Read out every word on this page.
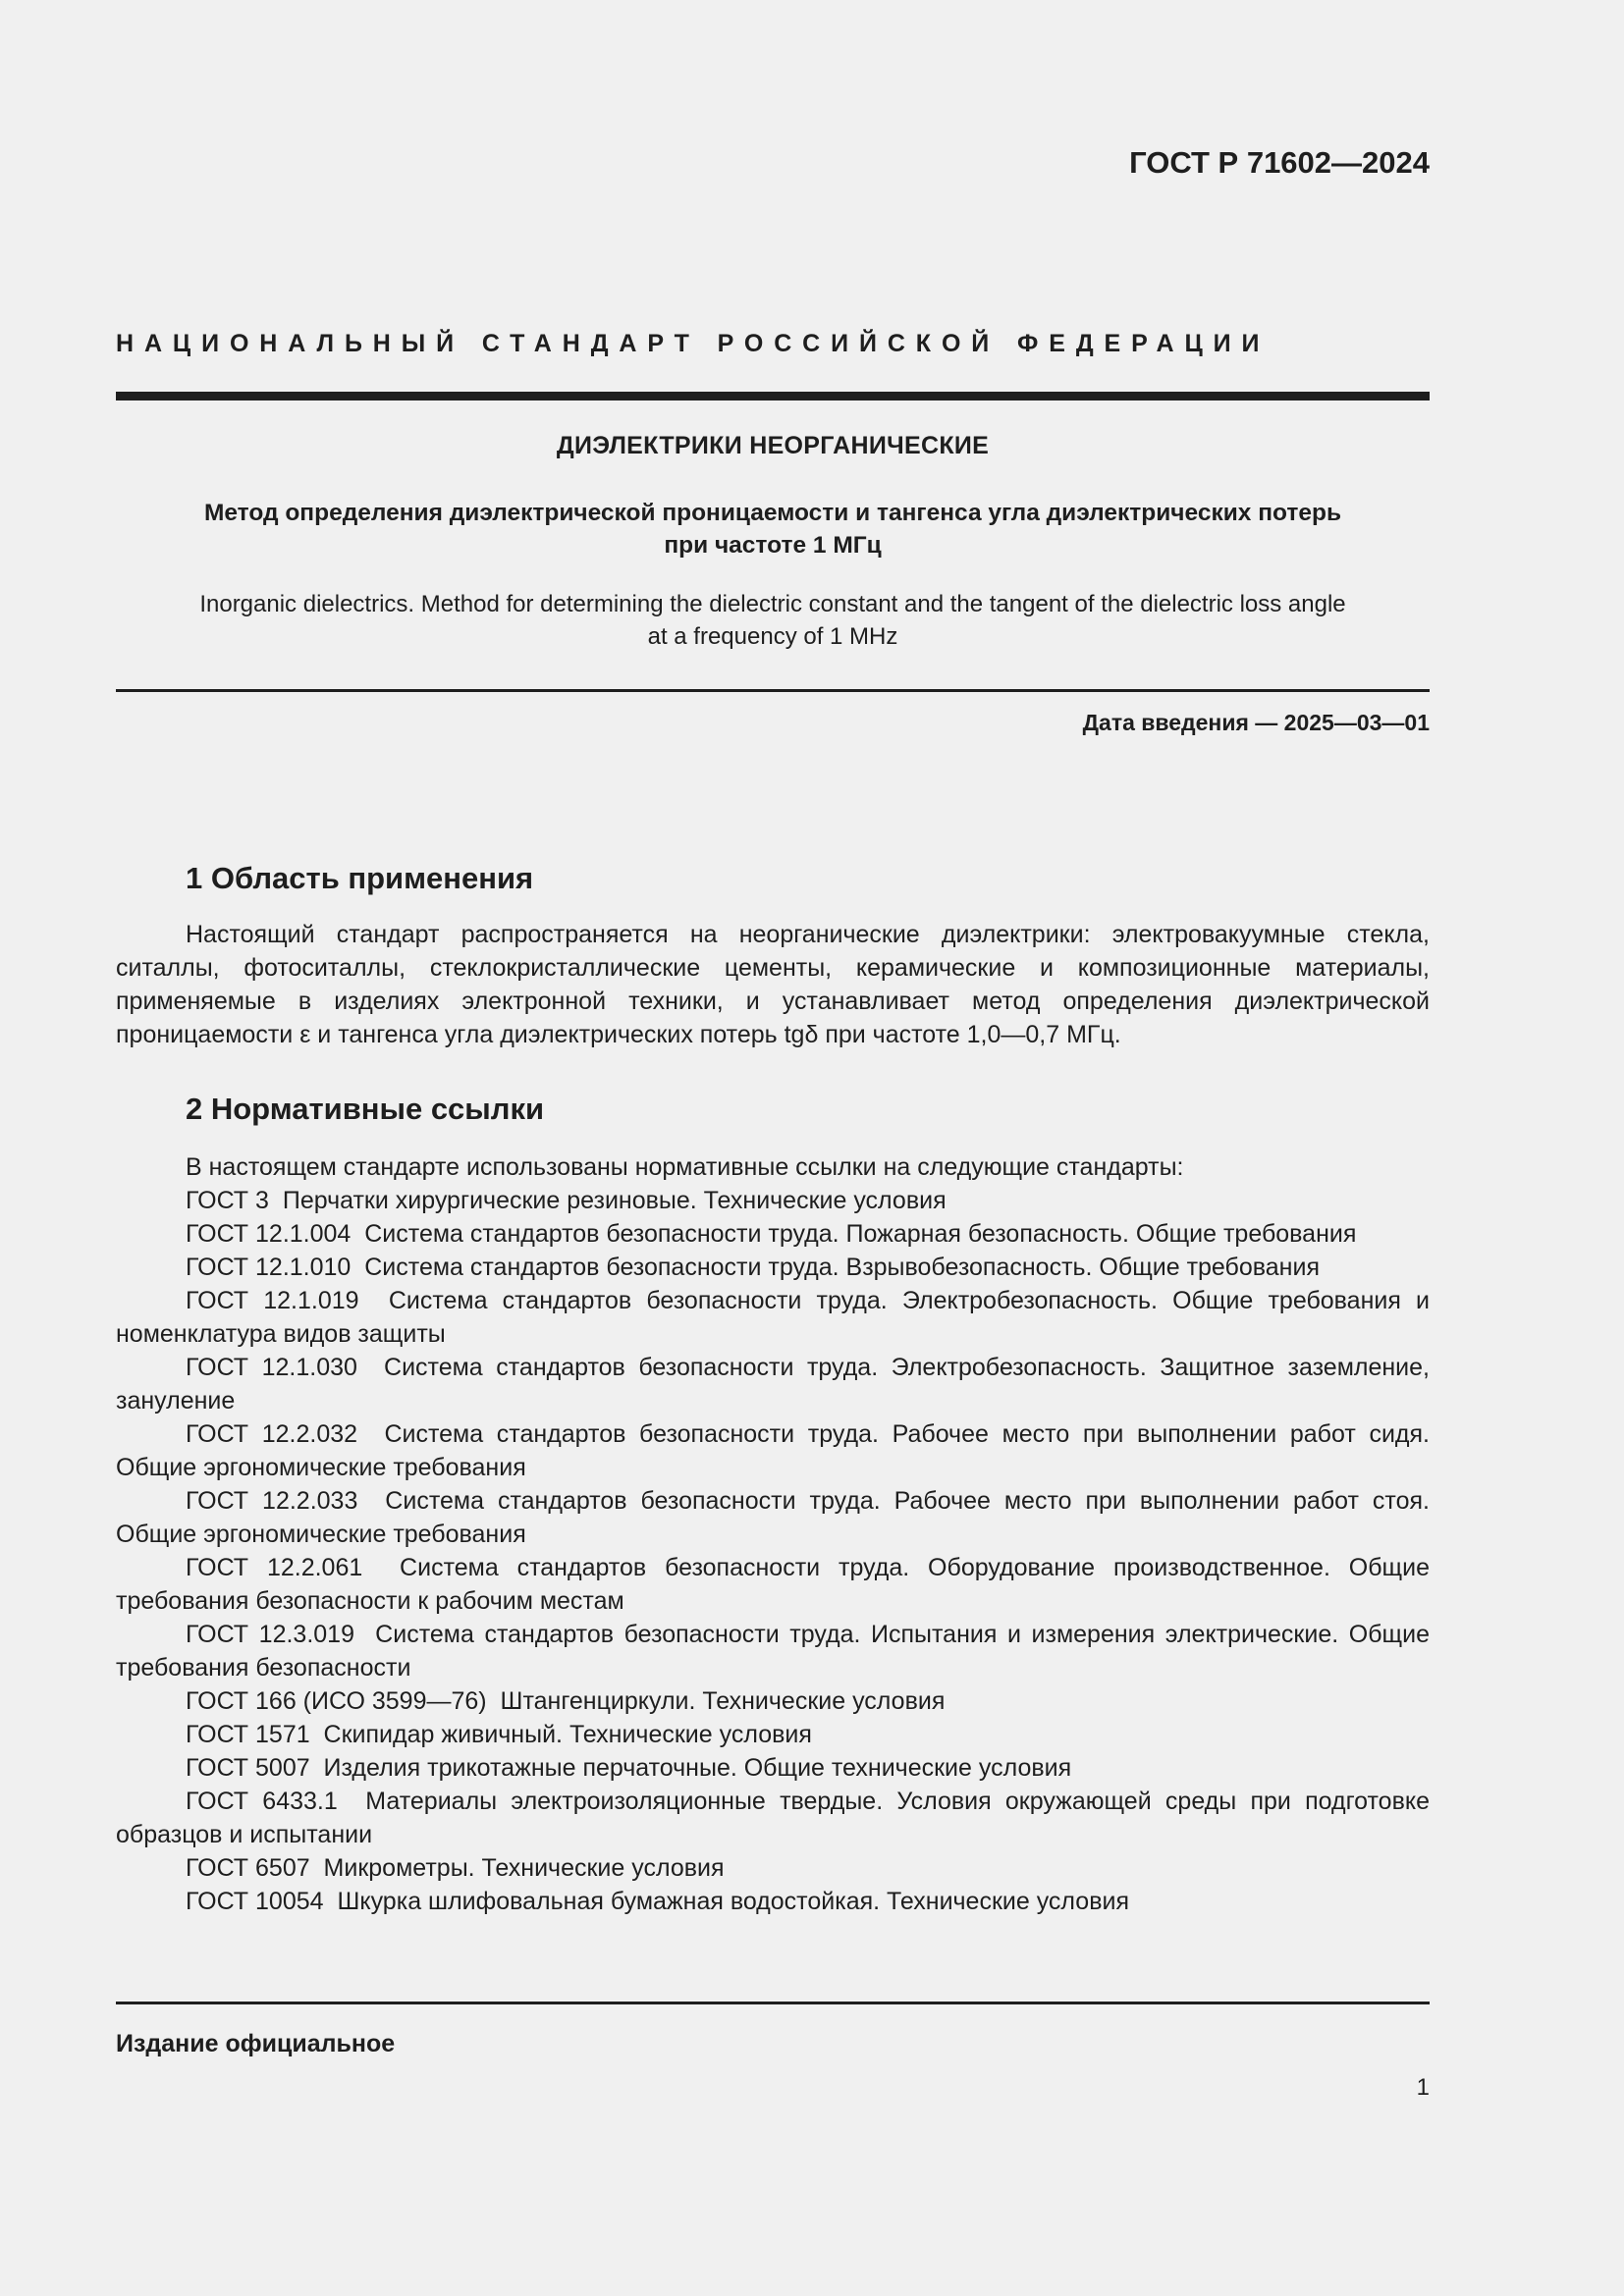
ГОСТ Р 71602—2024
НАЦИОНАЛЬНЫЙ СТАНДАРТ РОССИЙСКОЙ ФЕДЕРАЦИИ
ДИЭЛЕКТРИКИ НЕОРГАНИЧЕСКИЕ
Метод определения диэлектрической проницаемости и тангенса угла диэлектрических потерь
при частоте 1 МГц
Inorganic dielectrics. Method for determining the dielectric constant and the tangent of the dielectric loss angle
at a frequency of 1 MHz
Дата введения — 2025—03—01
1 Область применения

Настоящий стандарт распространяется на неорганические диэлектрики: электровакуумные стекла, ситаллы, фотоситаллы, стеклокристаллические цементы, керамические и композиционные материалы, применяемые в изделиях электронной техники, и устанавливает метод определения диэлектрической проницаемости ε и тангенса угла диэлектрических потерь tgδ при частоте 1,0—0,7 МГц.

2 Нормативные ссылки

В настоящем стандарте использованы нормативные ссылки на следующие стандарты:

ГОСТ 3 Перчатки хирургические резиновые. Технические условия

ГОСТ 12.1.004 Система стандартов безопасности труда. Пожарная безопасность. Общие требования

ГОСТ 12.1.010 Система стандартов безопасности труда. Взрывобезопасность. Общие требования

ГОСТ 12.1.019 Система стандартов безопасности труда. Электробезопасность. Общие требования и номенклатура видов защиты

ГОСТ 12.1.030 Система стандартов безопасности труда. Электробезопасность. Защитное заземление, зануление

ГОСТ 12.2.032 Система стандартов безопасности труда. Рабочее место при выполнении работ сидя. Общие эргономические требования

ГОСТ 12.2.033 Система стандартов безопасности труда. Рабочее место при выполнении работ стоя. Общие эргономические требования

ГОСТ 12.2.061 Система стандартов безопасности труда. Оборудование производственное. Общие требования безопасности к рабочим местам

ГОСТ 12.3.019 Система стандартов безопасности труда. Испытания и измерения электрические. Общие требования безопасности

ГОСТ 166 (ИСО 3599—76) Штангенциркули. Технические условия

ГОСТ 1571 Скипидар живичный. Технические условия

ГОСТ 5007 Изделия трикотажные перчаточные. Общие технические условия

ГОСТ 6433.1 Материалы электроизоляционные твердые. Условия окружающей среды при подготовке образцов и испытании

ГОСТ 6507 Микрометры. Технические условия

ГОСТ 10054 Шкурка шлифовальная бумажная водостойкая. Технические условия

Издание официальное
1
